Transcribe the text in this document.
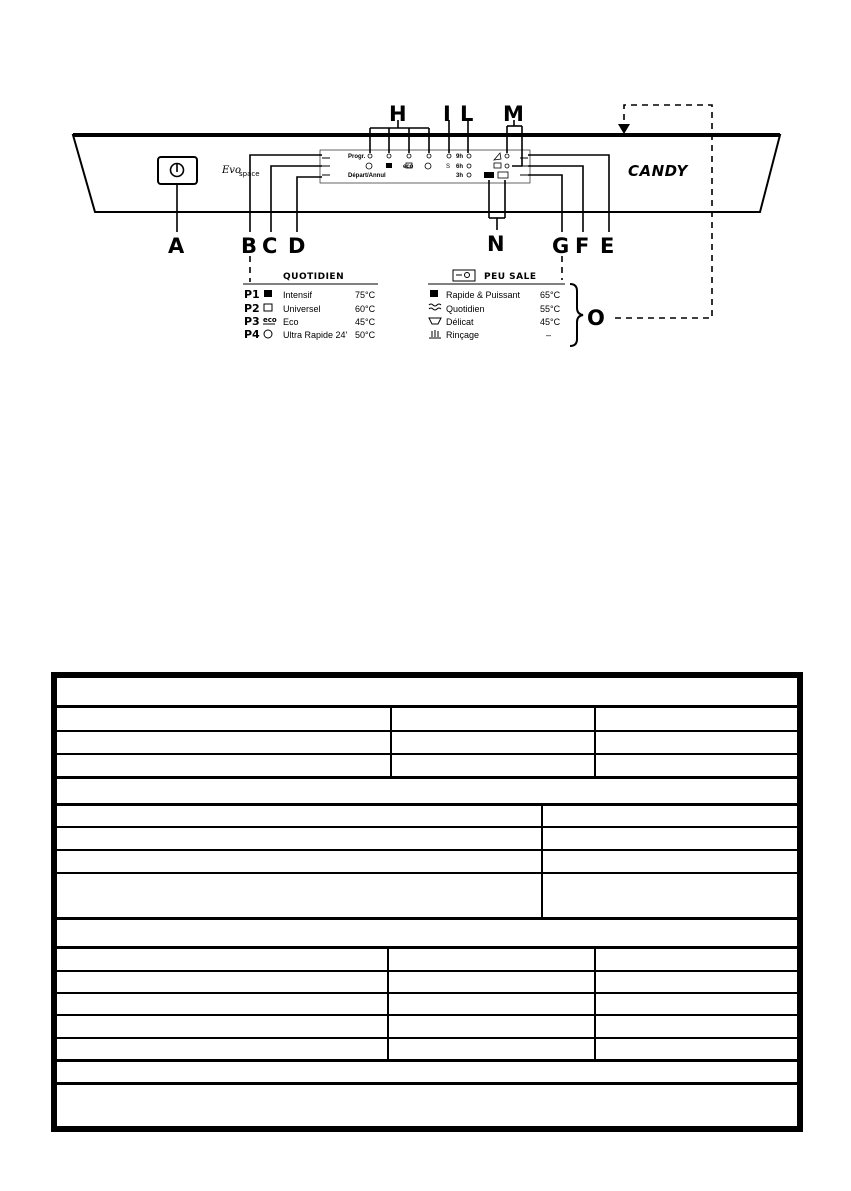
Evo
space	CANDY
Progr.
Départ/Annul
eco	S
9h
6h
3h
A	B C D
H I L M
N G F E
O
QUOTIDIEN
P1	Intensif	75°C
P2	Universel	60°C
P3 eco Eco	45°C
P4	Ultra Rapide 24' 50°C
PEU SALE
Rapide & Puissant 65°C
Quotidien	55°C
Délicat	45°C
Rinçage	–
